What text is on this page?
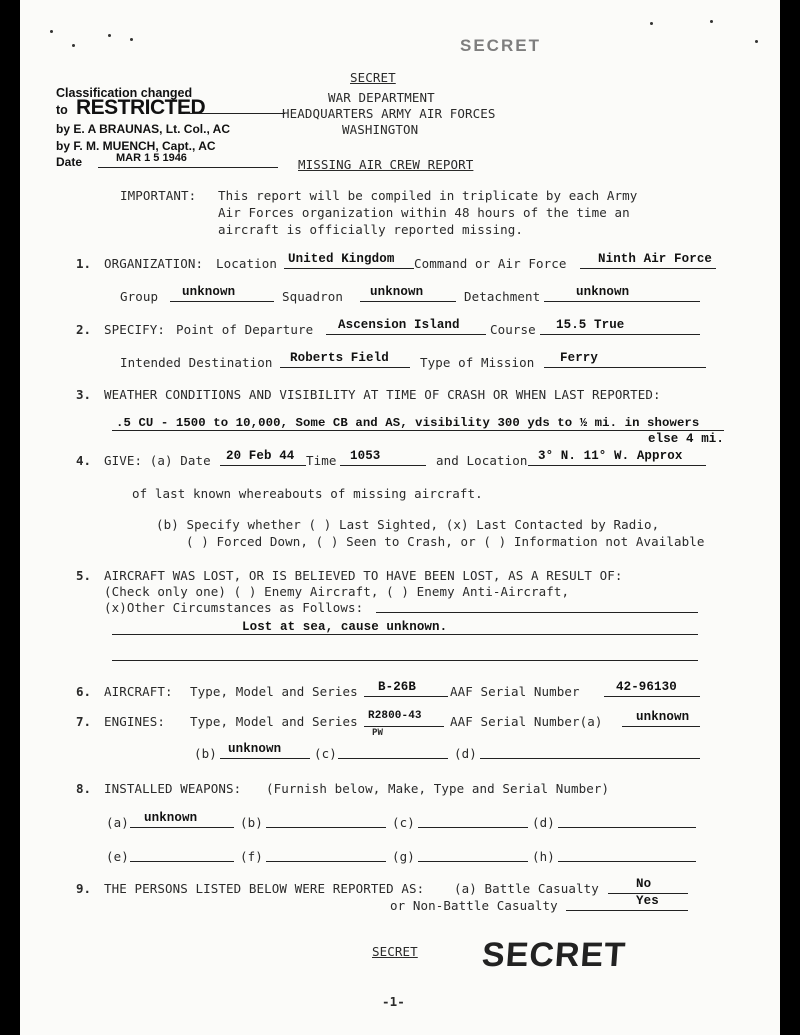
SECRET
SECRET
WAR DEPARTMENT
HEADQUARTERS ARMY AIR FORCES
WASHINGTON
MISSING AIR CREW REPORT
Classification changed
to RESTRICTED
by E. A BRAUNAS, Lt. Col., AC
by F. M. MUENCH, Capt., AC
Date	MAR 1 5 1946
IMPORTANT: This report will be compiled in triplicate by each Army
Air Forces organization within 48 hours of the time an
aircraft is officially reported missing.
1. ORGANIZATION: Location United Kingdom Command or Air Force	Ninth Air Force
Group unknown	Squadron unknown	Detachment	unknown
2. SPECIFY: Point of Departure Ascension Island Course 15.5 True
Intended Destination Roberts Field Type of Mission Ferry
3. WEATHER CONDITIONS AND VISIBILITY AT TIME OF CRASH OR WHEN LAST REPORTED:
.5 CU - 1500 to 10,000, Some CB and AS, visibility 300 yds to ½ mi. in showers
else 4 mi.
4. GIVE: (a) Date 20 Feb 44 Time 1053	and Location 3° N. 11° W. Approx
of last known whereabouts of missing aircraft.
(b) Specify whether ( ) Last Sighted, (x) Last Contacted by Radio,
( ) Forced Down, ( ) Seen to Crash, or ( ) Information not Available
5. AIRCRAFT WAS LOST, OR IS BELIEVED TO HAVE BEEN LOST, AS A RESULT OF:
(Check only one) ( ) Enemy Aircraft, ( ) Enemy Anti-Aircraft,
(x)Other Circumstances as Follows:
Lost at sea, cause unknown.
6. AIRCRAFT: Type, Model and Series B-26B	AAF Serial Number	42-96130
7. ENGINES: Type, Model and Series R2800-43
PW
AAF Serial Number(a)	unknown
(b) unknown	(c)	(d)
8. INSTALLED WEAPONS: (Furnish below, Make, Type and Serial Number)
(a) unknown	(b)	(c)	(d)
(e)	(f)	(g)	(h)
9. THE PERSONS LISTED BELOW WERE REPORTED AS: (a) Battle Casualty	No
or Non-Battle Casualty	Yes
SECRET SECRET
-1-
